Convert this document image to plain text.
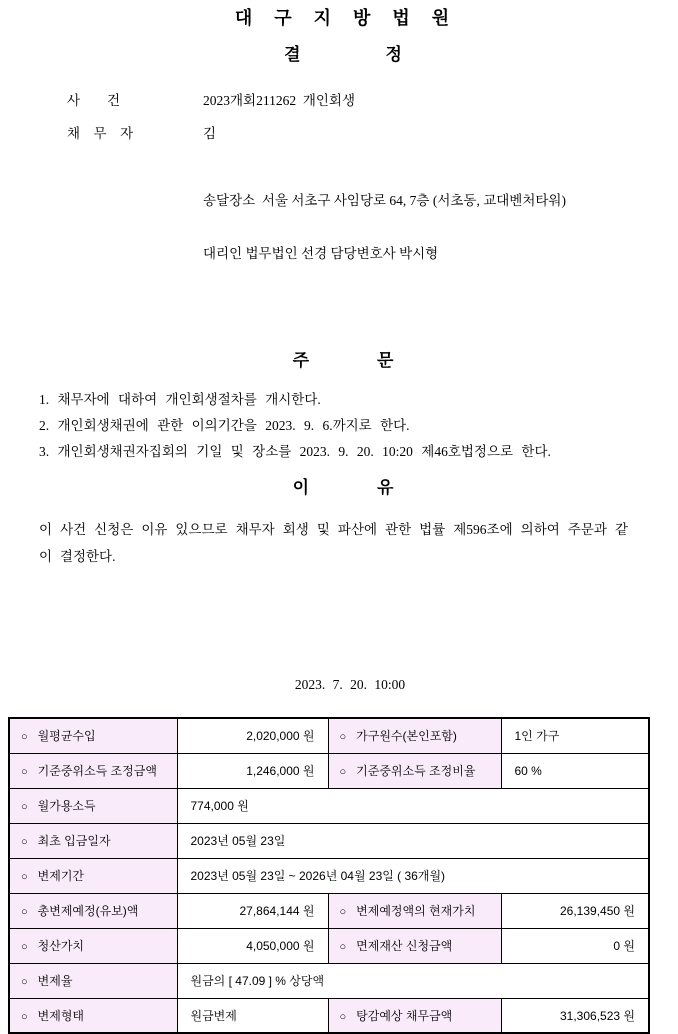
대　구　지　방　법　원
결　　　　　정
사　　건	2023개회211262  개인회생
채　무　자	김

송달장소  서울 서초구 사임당로 64, 7층 (서초동, 교대벤처타워)

대리인 법무법인 선경 담당변호사 박시형

주　　　　문
1. 채무자에 대하여 개인회생절차를 개시한다.
2. 개인회생채권에 관한 이의기간을 2023. 9. 6.까지로 한다.
3. 개인회생채권자집회의 기일 및 장소를 2023. 9. 20. 10:20 제46호법정으로 한다.
이　　　　유
이 사건 신청은 이유 있으므로 채무자 회생 및 파산에 관한 법률 제596조에 의하여 주문과 같이 결정한다.
2023. 7. 20. 10:00
○ 월평균수입	2,020,000 원	○ 가구원수(본인포함)	1인 가구
○ 기준중위소득 조정금액	1,246,000 원	○ 기준중위소득 조정비율	60 %
○ 월가용소득	774,000 원		
○ 최초 입금일자	2023년 05월 23일		
○ 변제기간	2023년 05월 23일 ~ 2026년 04월 23일 ( 36개월)		
○ 총변제예정(유보)액	27,864,144 원	○ 변제예정액의 현재가치	26,139,450 원
○ 청산가치	4,050,000 원	○ 면제재산 신청금액	0 원
○ 변제율	원금의 [ 47.09 ] % 상당액		
○ 변제형태	원금변제	○ 탕감예상 채무금액	31,306,523 원
